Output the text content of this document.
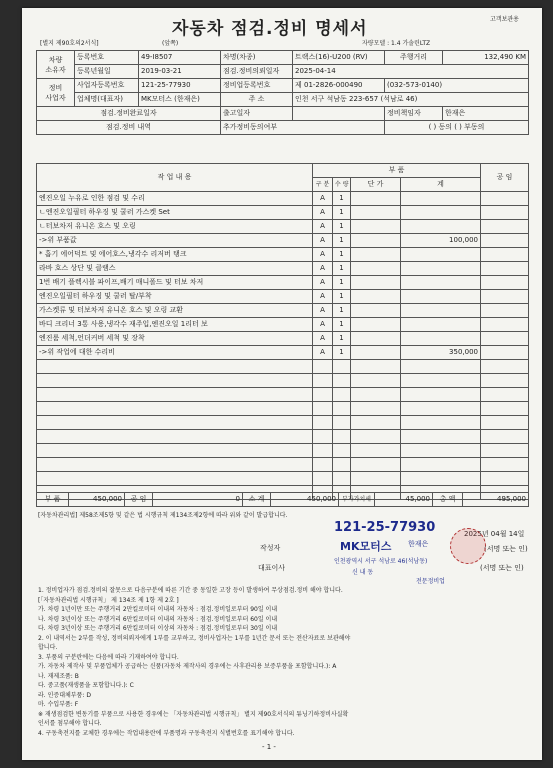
고객보관용
자동차 점검.정비 명세서
[별지 제90호의2서식]	(앞쪽)	자량모델 : 1.4 가솔린LTZ
차량
소유자	등록번호	49-I8507	차명(차종)	트랙스(16)-U200 (RV)	주행거리	132,490 KM
	등록년월일	2019-03-21	점검.정비의뢰일자	2025-04-14		
정비
사업자	사업자등록번호	121-25-77930	정비업등록번호	제 01-2826-000490	(032-573-0140)	
	업체명(대표자)	MK모터스 (한재은)	주 소	인천 서구 석남동 223-657 (석남로 46)		
점검.정비완료일자			출고일자		정비책임자	한재은
점검.정비 내역			추가정비동의여부		( ) 동의 ( ) 부동의	
작 업 내 용	부 품				공 임
	구 분	수 량	단 가	계	
엔진오일 누유로 인한 점검 및 수리	A	1			
ㄴ엔진오일필터 하우징 및 쿨러 가스켓 Set	A	1			
ㄴ터보차저 유니온 호스 및 오링	A	1			
->위 부품값	A	1		100,000	
* 흡기 에어덕트 및 에어호스,냉각수 리저버 탱크	A	1			
라바 호스 상단 및 클램스	A	1			
1번 배기 플렉시블 파이프,배기 매니폴드 및 터보 차저	A	1			
엔진오일필터 하우징 및 쿨러 탈/부착	A	1			
가스켓류 및 터보차저 유니온 호스 및 오링 교환	A	1			
바디 크리너 3통 사용,냉각수 재주입,엔진오일 1리터 보	A	1			
엔진룸 세척,언더커버 세척 및 장착	A	1			
->위 작업에 대한 수리비	A	1		350,000	

부 품	450,000	공 임	0	소 계	450,000	부가가치세	45,000	총 액	495,000
[자동차관리법] 제58조제5항 및 같은 법 시행규칙 제134조제2항에 따라 위와 같이 발급합니다.
121-25-77930	2025년 04월 14일
작성자	MK모터스 한재은
(서명 또는 인)
대표이사
인천광역시 서구 석남로 46(석남동)
신 내 동
전문정비업
(서명 또는 인)
1. 정비업자가 점검.정비의 잘못으로 다음구분에 따른 기간 중 동일한 고장 등이 발생하여 무상점검.정비 해야 합니다.
[「자동차관리법 시행규칙」 제 134조 제 1항 제 2호 ]
가. 차령 1년이만 또는 주행거리 2만킬로미터 이내의 자동차 : 점검.정비일로부터 90일 이내
나. 차령 3년이상 또는 주행거리 6만킬로미터 이내의 자동차 : 점검.정비일로부터 60일 이내
다. 차령 3년이상 또는 주행거리 6만킬로미터 이상의 자동차 : 점검.정비일로부터 30일 이내
2. 이 내역서는 2부를 작성, 정비의뢰자에게 1부를 교부하고, 정비사업자는 1부를 1년간 문서 또는 전산자료로 보관해야
합니다.
3. 부품의 구분란에는 다음에 따라 기재하여야 합니다.
가. 자동차 제작사 및 부품업체가 공급하는 신품(자동차 제작사의 경우에는 사후관리용 보증부품을 포함합니다.): A
나. 재제조품: B
다. 중고품(재생품을 포함합니다.): C
라. 인증대체부품: D
마. 수입부품: F
※ 재생점검한 변동기를 부품으로 사용한 경우에는 「자동차관리법 시행규칙」 별지 제90호서식의 튜닝기하정비사실확
인서를 첨부해야 합니다.
4. 구동축전지를 교체한 경우에는 작업내용란에 부품명과 구동축전지 식별번호를 표기해야 합니다.
- 1 -
